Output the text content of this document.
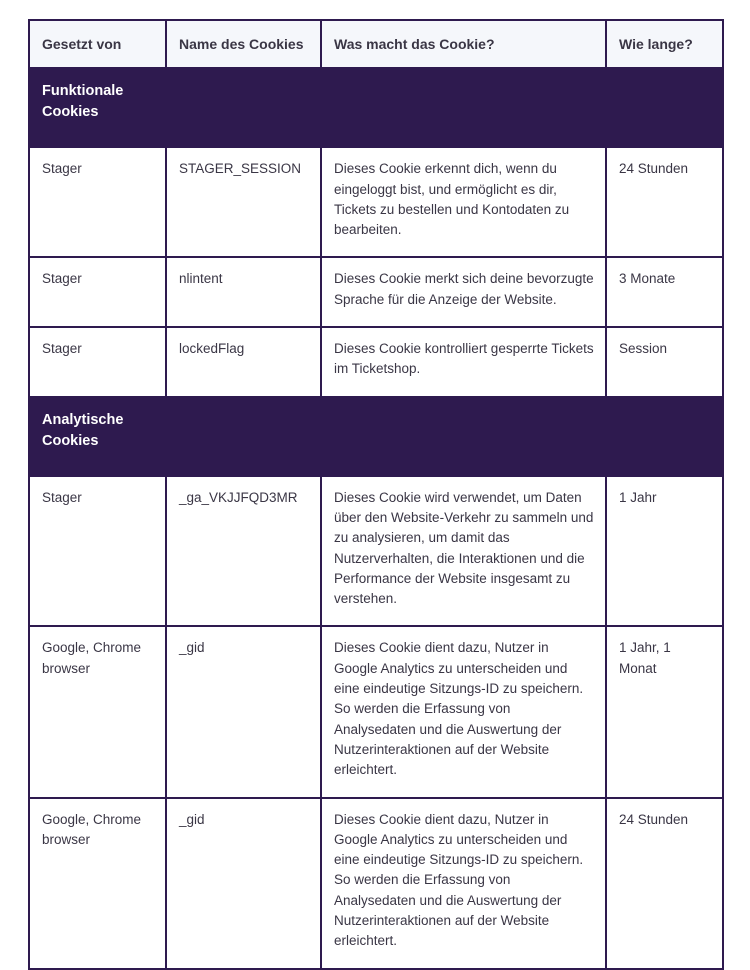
Gesetzt von	Name des Cookies	Was macht das Cookie?	Wie lange?

Funktionale Cookies			

Stager	STAGER_SESSION	Dieses Cookie erkennt dich, wenn du eingeloggt bist, und ermöglicht es dir, Tickets zu bestellen und Kontodaten zu bearbeiten.	24 Stunden
Stager	nlintent	Dieses Cookie merkt sich deine bevorzugte Sprache für die Anzeige der Website.	3 Monate
Stager	lockedFlag	Dieses Cookie kontrolliert gesperrte Tickets im Ticketshop.	Session

Analytische Cookies			

Stager	_ga_VKJJFQD3MR	Dieses Cookie wird verwendet, um Daten über den Website-Verkehr zu sammeln und zu analysieren, um damit das Nutzerverhalten, die Interaktionen und die Performance der Website insgesamt zu verstehen.	1 Jahr
Google, Chrome browser	_gid	Dieses Cookie dient dazu, Nutzer in Google Analytics zu unterscheiden und eine eindeutige Sitzungs-ID zu speichern. So werden die Erfassung von Analysedaten und die Auswertung der Nutzerinteraktionen auf der Website erleichtert.	1 Jahr, 1 Monat
Google, Chrome browser	_gid	Dieses Cookie dient dazu, Nutzer in Google Analytics zu unterscheiden und eine eindeutige Sitzungs-ID zu speichern. So werden die Erfassung von Analysedaten und die Auswertung der Nutzerinteraktionen auf der Website erleichtert.	24 Stunden
